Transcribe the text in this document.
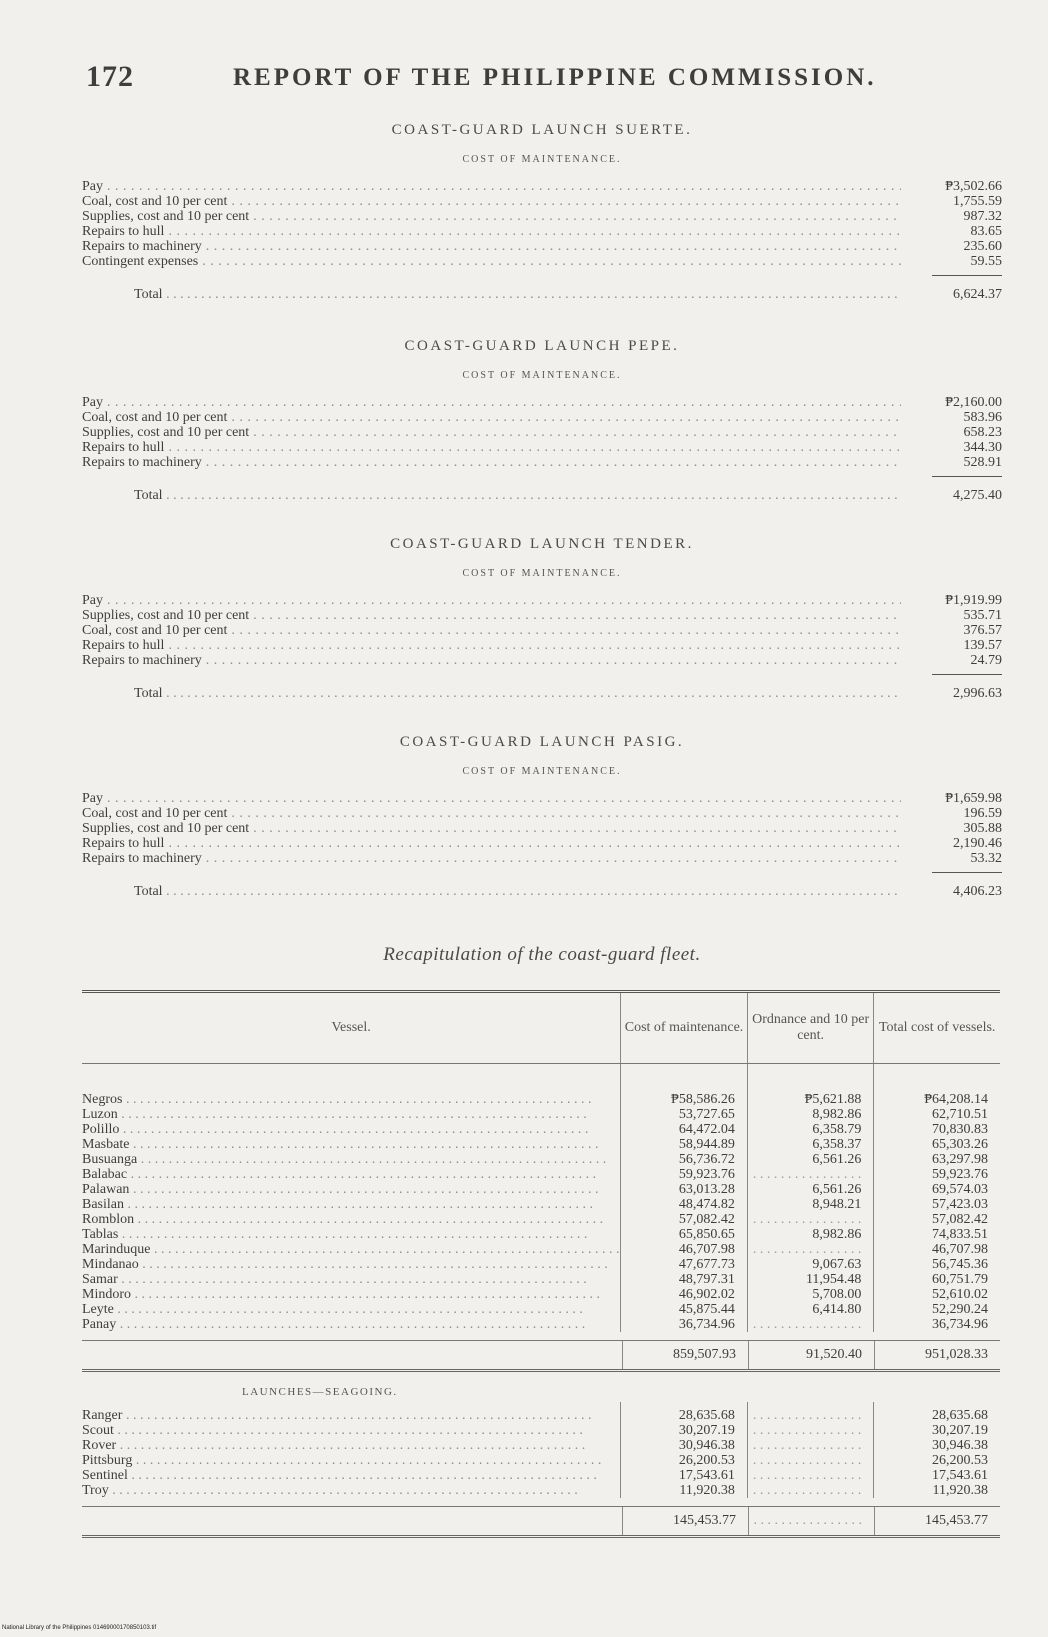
172	REPORT OF THE PHILIPPINE COMMISSION.
COAST-GUARD LAUNCH SUERTE.
COST OF MAINTENANCE.
Pay . . .	₱3,502.66
Coal, cost and 10 per cent . . .	1,755.59
Supplies, cost and 10 per cent . . .	987.32
Repairs to hull . . .	83.65
Repairs to machinery . . .	235.60
Contingent expenses . . .	59.55
Total . . .	6,624.37
COAST-GUARD LAUNCH PEPE.
COST OF MAINTENANCE.
Pay . . .	₱2,160.00
Coal, cost and 10 per cent . . .	583.96
Supplies, cost and 10 per cent . . .	658.23
Repairs to hull . . .	344.30
Repairs to machinery . . .	528.91
Total . . .	4,275.40
COAST-GUARD LAUNCH TENDER.
COST OF MAINTENANCE.
Pay . . .	₱1,919.99
Supplies, cost and 10 per cent . . .	535.71
Coal, cost and 10 per cent . . .	376.57
Repairs to hull . . .	139.57
Repairs to machinery . . .	24.79
Total . . .	2,996.63
COAST-GUARD LAUNCH PASIG.
COST OF MAINTENANCE.
Pay . . .	₱1,659.98
Coal, cost and 10 per cent . . .	196.59
Supplies, cost and 10 per cent . . .	305.88
Repairs to hull . . .	2,190.46
Repairs to machinery . . .	53.32
Total . . .	4,406.23
Recapitulation of the coast-guard fleet.
Vessel.	Cost of maintenance.
Ordnance and 10 per cent.
Total cost of vessels.
Negros . . .
Luzon . . .
Polillo . . .
Masbate . . .
Busuanga . . .
Balabac . . .
Palawan . . .
Basilan . . .
Romblon . . .
Tablas . . .
Marinduque . . .
Mindanao . . .
Samar . . .
Mindoro . . .
Leyte . . .
Panay . . .
₱58,586.26
53,727.65
64,472.04
58,944.89
56,736.72
59,923.76
63,013.28
48,474.82
57,082.42
65,850.65
46,707.98
47,677.73
48,797.31
46,902.02
45,875.44
36,734.96
₱5,621.88
8,982.86
6,358.79
6,358.37
6,561.26
. . .
6,561.26
8,948.21
. . .
8,982.86
. . .
9,067.63
11,954.48
5,708.00
6,414.80
. . .
₱64,208.14
62,710.51
70,830.83
65,303.26
63,297.98
59,923.76
69,574.03
57,423.03
57,082.42
74,833.51
46,707.98
56,745.36
60,751.79
52,610.02
52,290.24
36,734.96
859,507.93	91,520.40	951,028.33
LAUNCHES—SEAGOING.
Ranger . . .
Scout . . .
Rover . . .
Pittsburg . . .
Sentinel . . .
Troy . . .
28,635.68
30,207.19
30,946.38
26,200.53
17,543.61
11,920.38
. . .
. . .
. . .
. . .
. . .
. . .
28,635.68
30,207.19
30,946.38
26,200.53
17,543.61
11,920.38
145,453.77
. . .	145,453.77
National Library of the Philippines 01469000170850103.tif
